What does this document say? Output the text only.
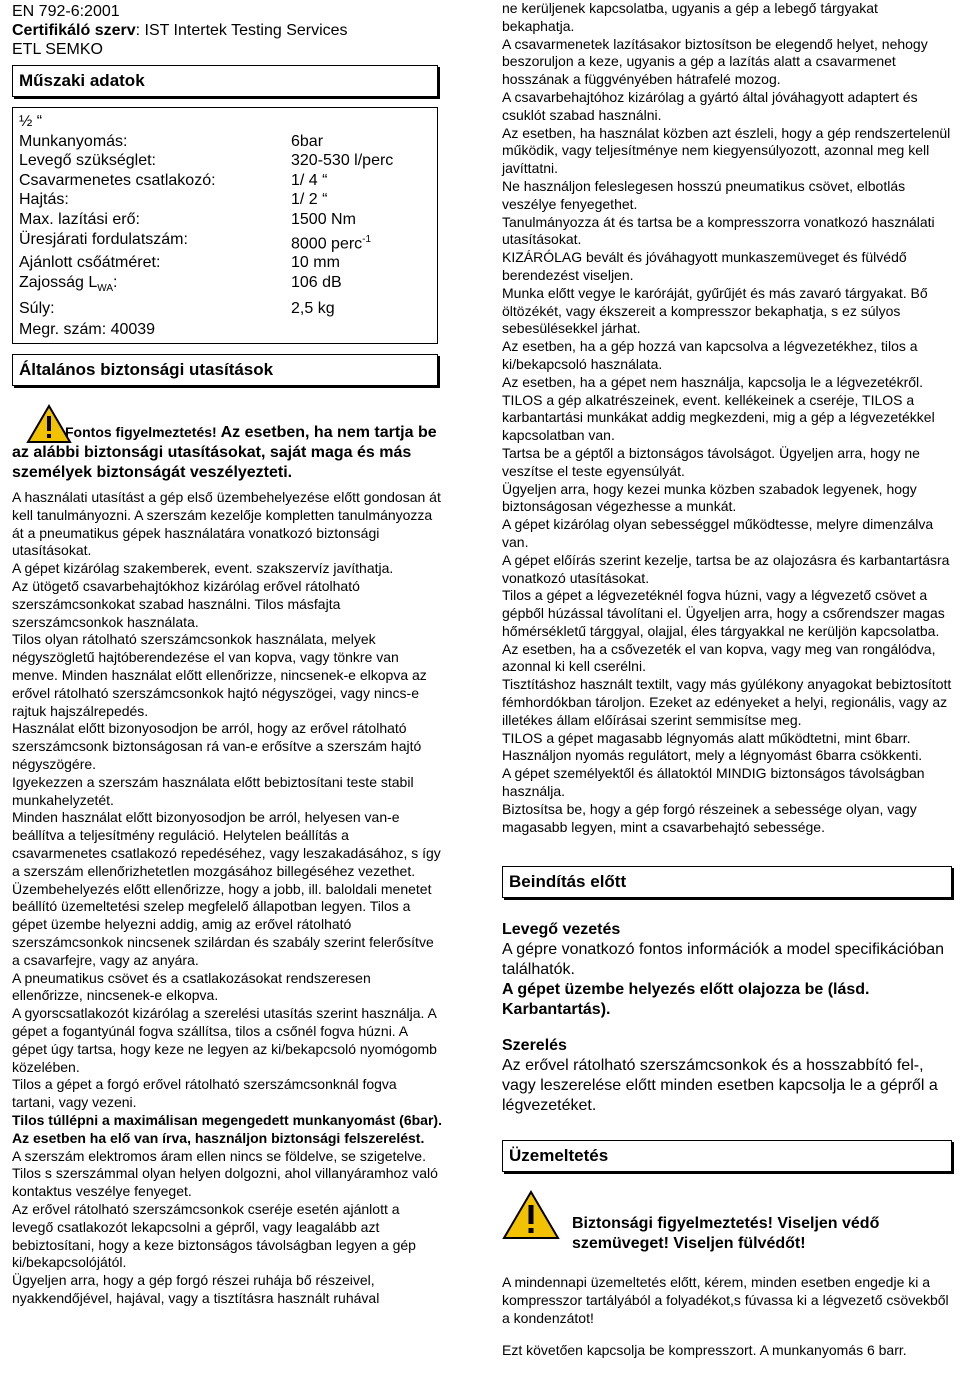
EN 792-6:2001
Certifikáló szerv: IST Intertek Testing Services
ETL SEMKO
Műszaki adatok
½ “
Munkanyomás:	6bar
Levegő szükséglet:	320-530 l/perc
Csavarmenetes csatlakozó:	1/ 4 “
Hajtás:	1/ 2 “
Max. lazítási erő:	1500 Nm
Üresjárati fordulatszám:	8000 perc$^{-1}$
Ajánlott csőátméret:	10 mm
Zajosság $L_{WA}$:	106 dB
Súly:	2,5 kg
Megr. szám: 40039
Általános biztonsági utasítások

Fontos figyelmeztetés! Az esetben, ha nem tartja be az alábbi biztonsági utasításokat, saját maga és más személyek biztonságát veszélyezteti.

A használati utasítást a gép első üzembehelyezése előtt gondosan át kell tanulmányozni. A szerszám kezelője kompletten tanulmányozza át a pneumatikus gépek használatára vonatkozó biztonsági utasításokat.

A gépet kizárólag szakemberek, event. szakszervíz javíthatja.

Az ütögető csavarbehajtókhoz kizárólag erővel rátolható szerszámcsonkokat szabad használni. Tilos másfajta szerszámcsonkok használata.

Tilos olyan rátolható szerszámcsonkok használata, melyek négyszögletű hajtóberendezése el van kopva, vagy tönkre van menve. Minden használat előtt ellenőrizze, nincsenek-e elkopva az erővel rátolható szerszámcsonkok hajtó négyszögei, vagy nincs-e rajtuk hajszálrepedés.

Használat előtt bizonyosodjon be arról, hogy az erővel rátolható szerszámcsonk biztonságosan rá van-e erősítve a szerszám hajtó négyszögére.

Igyekezzen a szerszám használata előtt bebiztosítani teste stabil munkahelyzetét.

Minden használat előtt bizonyosodjon be arról, helyesen van-e beállítva a teljesítmény reguláció. Helytelen beállítás a csavarmenetes csatlakozó repedéséhez, vagy leszakadásához, s így a szerszám ellenőrizhetetlen mozgásához billegéséhez vezethet.

Üzembehelyezés előtt ellenőrizze, hogy a jobb, ill. baloldali menetet beállító üzemeltetési szelep megfelelő állapotban legyen. Tilos a gépet üzembe helyezni addig, amig az erővel rátolható szerszámcsonkok nincsenek szilárdan és szabály szerint felerősítve a csavarfejre, vagy az anyára.

A pneumatikus csövet és a csatlakozásokat rendszeresen ellenőrizze, nincsenek-e elkopva.

A gyorscsatlakozót kizárólag a szerelési utasítás szerint használja. A gépet a fogantyúnál fogva szállítsa, tilos a csőnél fogva húzni. A gépet úgy tartsa, hogy keze ne legyen az ki/bekapcsoló nyomógomb közelében.

Tilos a gépet a forgó erővel rátolható szerszámcsonknál fogva tartani, vagy vezeni.

Tilos túllépni a maximálisan megengedett munkanyomást (6bar).

Az esetben ha elő van írva, használjon biztonsági felszerelést.

A szerszám elektromos áram ellen nincs se földelve, se szigetelve.

Tilos s szerszámmal olyan helyen dolgozni, ahol villanyáramhoz való kontaktus veszélye fenyeget.

Az erővel rátolható szerszámcsonkok cseréje esetén ajánlott a levegő csatlakozót lekapcsolni a gépről, vagy leagalább azt bebiztosítani, hogy a keze biztonságos távolságban legyen a gép ki/bekapcsolójától.

Ügyeljen arra, hogy a gép forgó részei ruhája bő részeivel, nyakkendőjével, hajával, vagy a tisztításra használt ruhával

ne kerüljenek kapcsolatba, ugyanis a gép a lebegő tárgyakat bekaphatja.

A csavarmenetek lazításakor biztosítson be elegendő helyet, nehogy beszoruljon a keze, ugyanis a gép a lazítás alatt a csavarmenet hosszának a függvényében hátrafelé mozog.

A csavarbehajtóhoz kizárólag a gyártó által jóváhagyott adaptert és csuklót szabad használni.

Az esetben, ha használat közben azt észleli, hogy a gép rendszertelenül működik, vagy teljesítménye nem kiegyensúlyozott, azonnal meg kell javíttatni.

Ne használjon feleslegesen hosszú pneumatikus csövet, elbotlás veszélye fenyegethet.

Tanulmányozza át és tartsa be a kompresszorra vonatkozó használati utasításokat.

KIZÁRÓLAG bevált és jóváhagyott munkaszemüveget és fülvédő berendezést viseljen.

Munka előtt vegye le karóráját, gyűrűjét és más zavaró tárgyakat. Bő öltözékét, vagy ékszereit a kompresszor bekaphatja, s ez súlyos sebesülésekkel járhat.

Az esetben, ha a gép hozzá van kapcsolva a légvezetékhez, tilos a ki/bekapcsoló használata.

Az esetben, ha a gépet nem használja, kapcsolja le a légvezetékről. TILOS a gép alkatrészeinek, event. kellékeinek a cseréje, TILOS a karbantartási munkákat addig megkezdeni, mig a gép a légvezetékkel kapcsolatban van.

Tartsa be a géptől a biztonságos távolságot. Ügyeljen arra, hogy ne veszítse el teste egyensúlyát.

Ügyeljen arra, hogy kezei munka közben szabadok legyenek, hogy biztonságosan végezhesse a munkát.

A gépet kizárólag olyan sebességgel működtesse, melyre dimenzálva van.

A gépet előírás szerint kezelje, tartsa be az olajozásra és karbantartásra vonatkozó utasításokat.

Tilos a gépet a légvezetéknél fogva húzni, vagy a légvezető csövet a gépből húzással távolítani el. Ügyeljen arra, hogy a csőrendszer magas hőmérsékletű tárggyal, olajjal, éles tárgyakkal ne kerüljön kapcsolatba. Az esetben, ha a csővezeték el van kopva, vagy meg van rongálódva, azonnal ki kell cserélni.

Tisztításhoz használt textilt, vagy más gyúlékony anyagokat bebiztosított fémhordókban tároljon. Ezeket az edényeket a helyi, regionális, vagy az illetékes állam előírásai szerint semmisítse meg.

TILOS a gépet magasabb légnyomás alatt működtetni, mint 6barr. Használjon nyomás regulátort, mely a légnyomást 6barra csökkenti.

A gépet személyektől és állatoktól MINDIG biztonságos távolságban használja.

Biztosítsa be, hogy a gép forgó részeinek a sebessége olyan, vagy magasabb legyen, mint a csavarbehajtó sebessége.

Beindítás előtt
Levegő vezetés

A gépre vonatkozó fontos információk a model specifikációban találhatók.

A gépet üzembe helyezés előtt olajozza be (lásd. Karbantartás).

Szerelés

Az erővel rátolható szerszámcsonkok és a hosszabbító fel-, vagy leszerelése előtt minden esetben kapcsolja le a gépről a légvezetéket.

Üzemeltetés

Biztonsági figyelmeztetés! Viseljen védő szemüveget! Viseljen fülvédőt!

A mindennapi üzemeltetés előtt, kérem, minden esetben engedje ki a kompresszor tartályából a folyadékot,s fúvassa ki a légvezető csövekből a kondenzátot!

Ezt követően kapcsolja be kompresszort. A munkanyomás 6 barr.
